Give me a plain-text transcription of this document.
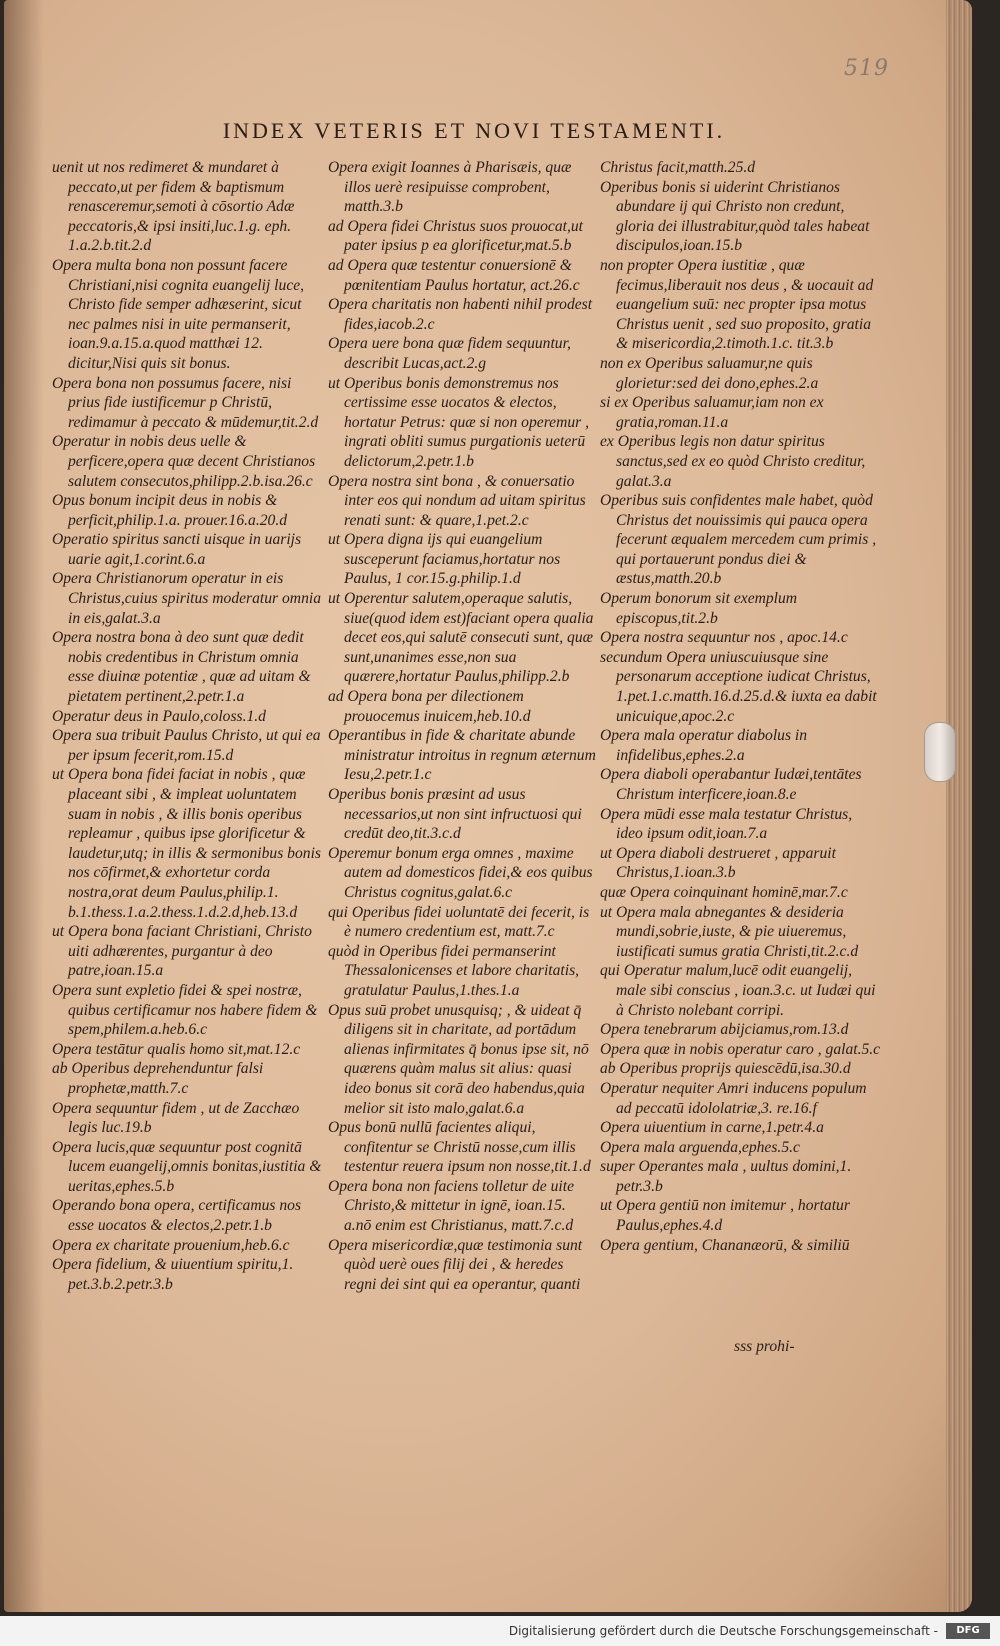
519
INDEX VETERIS ET NOVI TESTAMENTI.

uenit ut nos redimeret & mundaret à peccato,ut per fidem & baptismum renasceremur,semoti à cōsortio Adæ peccatoris,& ipsi insiti,luc.1.g. eph. 1.a.2.b.tit.2.d

Opera multa bona non possunt facere Christiani,nisi cognita euangelij luce, Christo fide semper adhæserint, sicut nec palmes nisi in uite permanserit, ioan.9.a.15.a.quod matthæi 12. dicitur,Nisi quis sit bonus.

Opera bona non possumus facere, nisi prius fide iustificemur p Christū, redimamur à peccato & mūdemur,tit.2.d

Operatur in nobis deus uelle & perficere,opera quæ decent Christianos salutem consecutos,philipp.2.b.isa.26.c

Opus bonum incipit deus in nobis & perficit,philip.1.a. prouer.16.a.20.d

Operatio spiritus sancti uisque in uarijs uarie agit,1.corint.6.a

Opera Christianorum operatur in eis Christus,cuius spiritus moderatur omnia in eis,galat.3.a

Opera nostra bona à deo sunt quæ dedit nobis credentibus in Christum omnia esse diuinæ potentiæ , quæ ad uitam & pietatem pertinent,2.petr.1.a

Operatur deus in Paulo,coloss.1.d

Opera sua tribuit Paulus Christo, ut qui ea per ipsum fecerit,rom.15.d

ut Opera bona fidei faciat in nobis , quæ placeant sibi , & impleat uoluntatem suam in nobis , & illis bonis operibus repleamur , quibus ipse glorificetur & laudetur,utq; in illis & sermonibus bonis nos cōfirmet,& exhortetur corda nostra,orat deum Paulus,philip.1. b.1.thess.1.a.2.thess.1.d.2.d,heb.13.d

ut Opera bona faciant Christiani, Christo uiti adhærentes, purgantur à deo patre,ioan.15.a

Opera sunt expletio fidei & spei nostræ, quibus certificamur nos habere fidem & spem,philem.a.heb.6.c

Opera testātur qualis homo sit,mat.12.c

ab Operibus deprehenduntur falsi prophetæ,matth.7.c

Opera sequuntur fidem , ut de Zacchæo legis luc.19.b

Opera lucis,quæ sequuntur post cognitā lucem euangelij,omnis bonitas,iustitia & ueritas,ephes.5.b

Operando bona opera, certificamus nos esse uocatos & electos,2.petr.1.b

Opera ex charitate prouenium,heb.6.c

Opera fidelium, & uiuentium spiritu,1. pet.3.b.2.petr.3.b

Opera exigit Ioannes à Pharisæis, quæ illos uerè resipuisse comprobent, matth.3.b

ad Opera fidei Christus suos prouocat,ut pater ipsius p ea glorificetur,mat.5.b

ad Opera quæ testentur conuersionē & pœnitentiam Paulus hortatur, act.26.c

Opera charitatis non habenti nihil prodest fides,iacob.2.c

Opera uere bona quæ fidem sequuntur, describit Lucas,act.2.g

ut Operibus bonis demonstremus nos certissime esse uocatos & electos, hortatur Petrus: quæ si non operemur , ingrati obliti sumus purgationis ueterū delictorum,2.petr.1.b

Opera nostra sint bona , & conuersatio inter eos qui nondum ad uitam spiritus renati sunt: & quare,1.pet.2.c

ut Opera digna ijs qui euangelium susceperunt faciamus,hortatur nos Paulus, 1 cor.15.g.philip.1.d

ut Operentur salutem,operaque salutis, siue(quod idem est)faciant opera qualia decet eos,qui salutē consecuti sunt, quæ sunt,unanimes esse,non sua quærere,hortatur Paulus,philipp.2.b

ad Opera bona per dilectionem prouocemus inuicem,heb.10.d

Operantibus in fide & charitate abunde ministratur introitus in regnum æternum Iesu,2.petr.1.c

Operibus bonis præsint ad usus necessarios,ut non sint infructuosi qui credūt deo,tit.3.c.d

Operemur bonum erga omnes , maxime autem ad domesticos fidei,& eos quibus Christus cognitus,galat.6.c

qui Operibus fidei uoluntatē dei fecerit, is è numero credentium est, matt.7.c

quòd in Operibus fidei permanserint Thessalonicenses et labore charitatis, gratulatur Paulus,1.thes.1.a

Opus suū probet unusquisq; , & uideat q̄ diligens sit in charitate, ad portādum alienas infirmitates q̄ bonus ipse sit, nō quærens quàm malus sit alius: quasi ideo bonus sit corā deo habendus,quia melior sit isto malo,galat.6.a

Opus bonū nullū facientes aliqui, confitentur se Christū nosse,cum illis testentur reuera ipsum non nosse,tit.1.d

Opera bona non faciens tolletur de uite Christo,& mittetur in ignē, ioan.15. a.nō enim est Christianus, matt.7.c.d

Opera misericordiæ,quæ testimonia sunt quòd uerè oues filij dei , & heredes regni dei sint qui ea operantur, quanti

Christus facit,matth.25.d

Operibus bonis si uiderint Christianos abundare ij qui Christo non credunt, gloria dei illustrabitur,quòd tales habeat discipulos,ioan.15.b

non propter Opera iustitiæ , quæ fecimus,liberauit nos deus , & uocauit ad euangelium suū: nec propter ipsa motus Christus uenit , sed suo proposito, gratia & misericordia,2.timoth.1.c. tit.3.b

non ex Operibus saluamur,ne quis glorietur:sed dei dono,ephes.2.a

si ex Operibus saluamur,iam non ex gratia,roman.11.a

ex Operibus legis non datur spiritus sanctus,sed ex eo quòd Christo creditur, galat.3.a

Operibus suis confidentes male habet, quòd Christus det nouissimis qui pauca opera fecerunt æqualem mercedem cum primis , qui portauerunt pondus diei & æstus,matth.20.b

Operum bonorum sit exemplum episcopus,tit.2.b

Opera nostra sequuntur nos , apoc.14.c

secundum Opera uniuscuiusque sine personarum acceptione iudicat Christus, 1.pet.1.c.matth.16.d.25.d.& iuxta ea dabit unicuique,apoc.2.c

Opera mala operatur diabolus in infidelibus,ephes.2.a

Opera diaboli operabantur Iudæi,tentātes Christum interficere,ioan.8.e

Opera mūdi esse mala testatur Christus, ideo ipsum odit,ioan.7.a

ut Opera diaboli destrueret , apparuit Christus,1.ioan.3.b

quæ Opera coinquinant hominē,mar.7.c

ut Opera mala abnegantes & desideria mundi,sobrie,iuste, & pie uiueremus, iustificati sumus gratia Christi,tit.2.c.d

qui Operatur malum,lucē odit euangelij, male sibi conscius , ioan.3.c. ut Iudæi qui à Christo nolebant corripi.

Opera tenebrarum abijciamus,rom.13.d

Opera quæ in nobis operatur caro , galat.5.c

ab Operibus proprijs quiescēdū,isa.30.d

Operatur nequiter Amri inducens populum ad peccatū idololatriæ,3. re.16.f

Opera uiuentium in carne,1.petr.4.a

Opera mala arguenda,ephes.5.c

super Operantes mala , uultus domini,1. petr.3.b

ut Opera gentiū non imitemur , hortatur Paulus,ephes.4.d

Opera gentium, Chananæorū, & similiū

sss prohi-
Digitalisierung gefördert durch die Deutsche Forschungsgemeinschaft -	DFG
